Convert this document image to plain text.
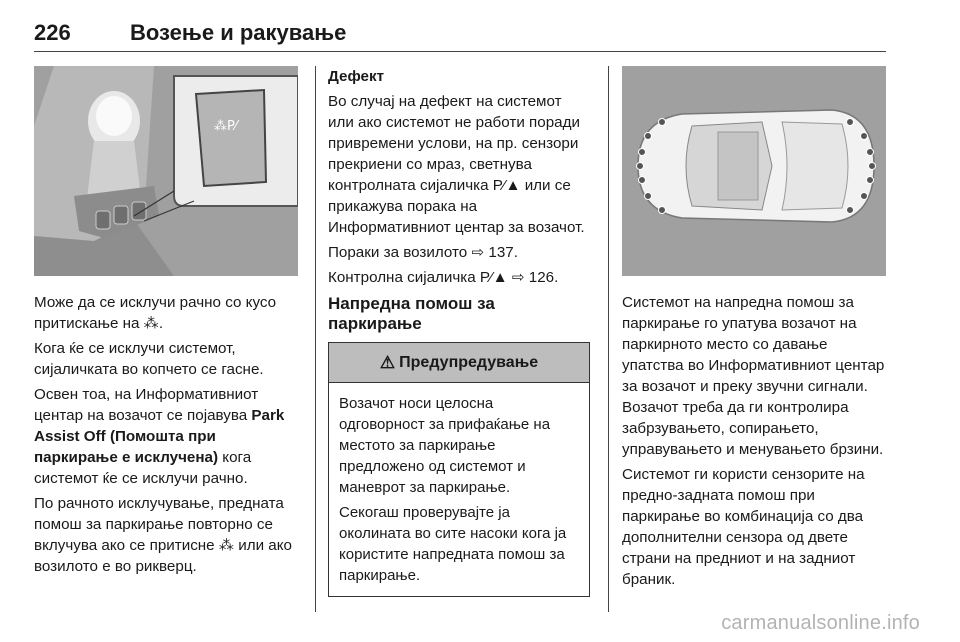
226	Возење и ракување
⁂P⁄

Може да се исклучи рачно со кусо притискање на ⁂.

Кога ќе се исклучи системот, сијаличката во копчето се гасне.

Освен тоа, на Информативниот центар на возачот се појавува Park Assist Off (Помошта при паркирање е исклучена) кога системот ќе се исклучи рачно.

По рачното исклучување, предната помош за паркирање повторно се вклучува ако се притисне ⁂ или ако возилото е во рикверц.

Дефект

Во случај на дефект на системот или ако системот не работи поради привремени услови, на пр. сензори прекриени со мраз, светнува контролната сијаличка P⁄▲ или се прикажува порака на Информативниот центар за возачот.

Пораки за возилото ⇨ 137.

Контролна сијаличка P⁄▲ ⇨ 126.

Напредна помош за паркирање
⚠ Предупредување

Возачот носи целосна одговорност за прифаќање на местото за паркирање предложено од системот и маневрот за паркирање.

Секогаш проверувајте ја околината во сите насоки кога ја користите напредната помош за паркирање.

Системот на напредна помош за паркирање го упатува возачот на паркирното место со давање упатства во Информативниот центар за возачот и преку звучни сигнали. Возачот треба да ги контролира забрзувањето, сопирањето, управувањето и менувањето брзини.

Системот ги користи сензорите на предно-задната помош при паркирање во комбинација со два дополнителни сензора од двете страни на предниот и на задниот браник.

carmanualsonline.info
